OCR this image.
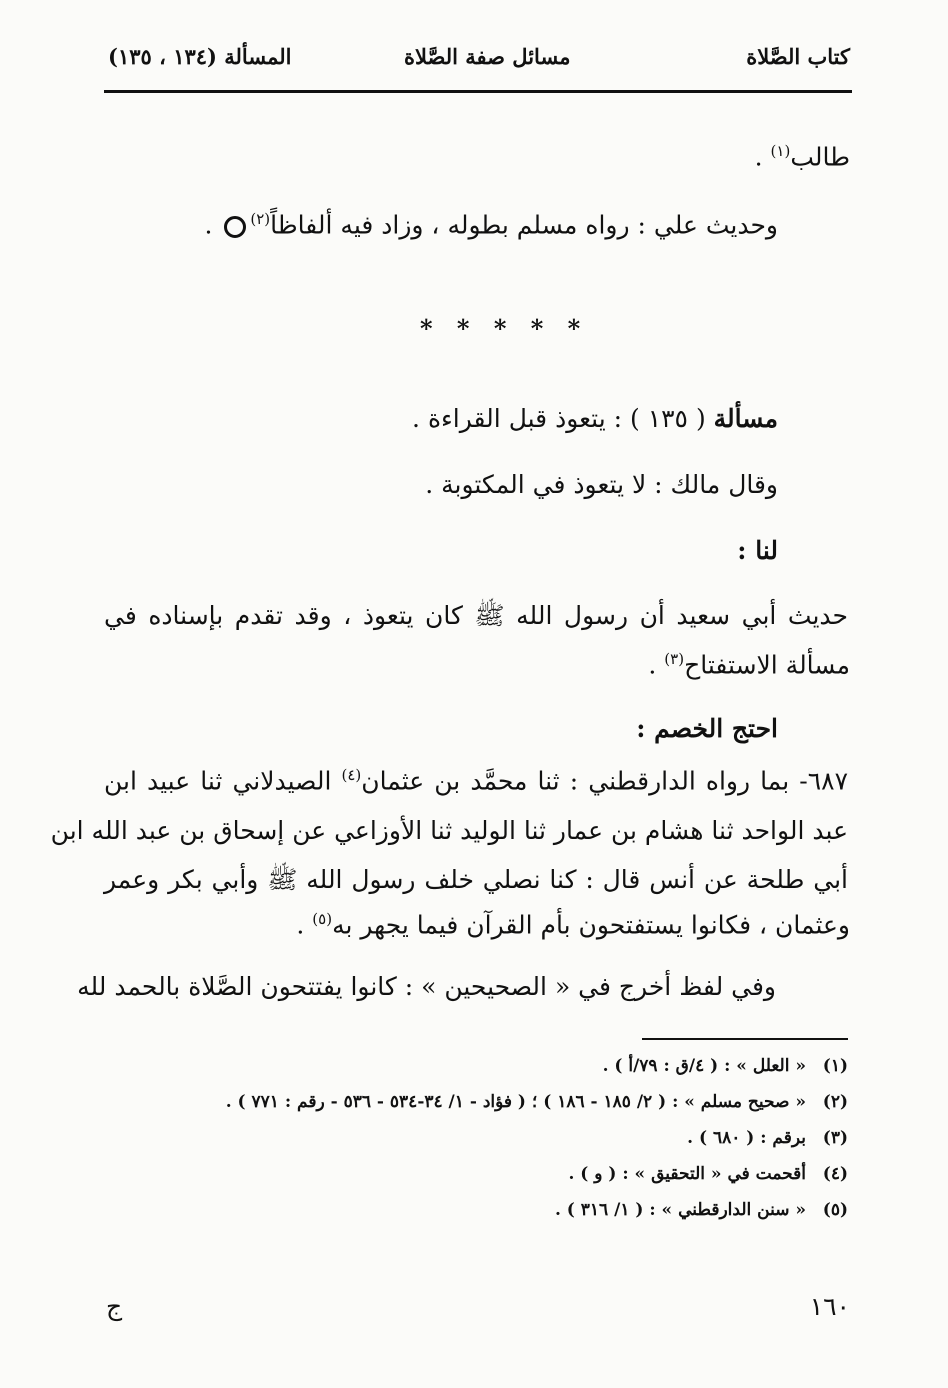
كتاب الصَّلاة
مسائل صفة الصَّلاة
المسألة (١٣٤ ، ١٣٥)
طالب$^{(١)}$ .
وحديث علي : رواه مسلم بطوله ، وزاد فيه ألفاظاً$^{(٢)}$ .
* * * * *
مسألة ( ١٣٥ ) : يتعوذ قبل القراءة .
وقال مالك : لا يتعوذ في المكتوبة .
لنا :
حديث أبي سعيد أن رسول الله ﷺ كان يتعوذ ، وقد تقدم بإسناده في
مسألة الاستفتاح$^{(٣)}$ .
احتج الخصم :
٦٨٧- بما رواه الدارقطني : ثنا محمَّد بن عثمان$^{(٤)}$ الصيدلاني ثنا عبيد ابن
عبد الواحد ثنا هشام بن عمار ثنا الوليد ثنا الأوزاعي عن إسحاق بن عبد الله ابن
أبي طلحة عن أنس قال : كنا نصلي خلف رسول الله ﷺ وأبي بكر وعمر
وعثمان ، فكانوا يستفتحون بأم القرآن فيما يجهر به$^{(٥)}$ .
وفي لفظ أخرج في « الصحيحين » : كانوا يفتتحون الصَّلاة بالحمد لله
(١)« العلل » : ( ٤/ق : ٧٩/أ ) .
(٢)« صحيح مسلم » : ( ٢/ ١٨٥ - ١٨٦ ) ؛ ( فؤاد - ١/ ٣٤-٥٣٤ - ٥٣٦ - رقم : ٧٧١ ) .
(٣)برقم : ( ٦٨٠ ) .
(٤)أقحمت في « التحقيق » : ( و ) .
(٥)« سنن الدارقطني » : ( ١/ ٣١٦ ) .
١٦٠
ج
